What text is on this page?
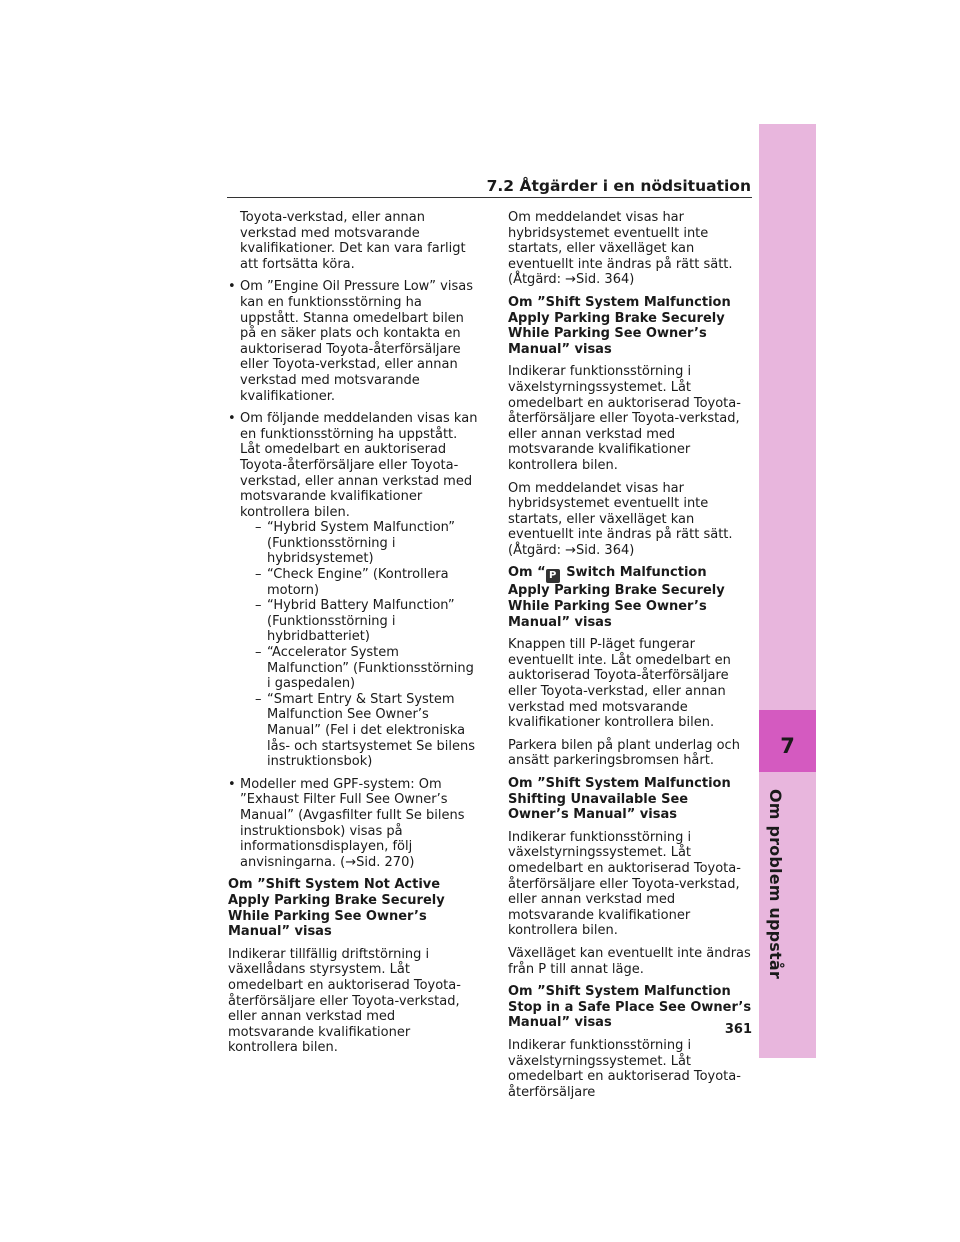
7
Om problem uppstår
7.2 Åtgärder i en nödsituation

Toyota-verkstad, eller annan verkstad med motsvarande kvalifikationer. Det kan vara farligt att fortsätta köra.

• Om ”Engine Oil Pressure Low” visas kan en funktionsstörning ha uppstått. Stanna omedelbart bilen på en säker plats och kontakta en auktoriserad Toyota-återförsäljare eller Toyota-verkstad, eller annan verkstad med motsvarande kvalifikationer.
• Om följande meddelanden visas kan en funktionsstörning ha uppstått. Låt omedelbart en auktoriserad Toyota-återförsäljare eller Toyota-verkstad, eller annan verkstad med motsvarande kvalifikationer kontrollera bilen.

– “Hybrid System Malfunction” (Funktionsstörning i hybridsystemet)

– “Check Engine” (Kontrollera motorn)

– “Hybrid Battery Malfunction” (Funktionsstörning i hybridbatteriet)

– “Accelerator System Malfunction” (Funktionsstörning i gaspedalen)

– “Smart Entry & Start System Malfunction See Owner’s Manual” (Fel i det elektroniska lås- och startsystemet Se bilens instruktionsbok)

• Modeller med GPF-system: Om ”Exhaust Filter Full See Owner’s Manual” (Avgasfilter fullt Se bilens instruktionsbok) visas på informationsdisplayen, följ anvisningarna. (→Sid. 270)

Om ”Shift System Not Active Apply Parking Brake Securely While Parking See Owner’s Manual” visas

Indikerar tillfällig driftstörning i växellådans styrsystem. Låt omedelbart en auktoriserad Toyota-återförsäljare eller Toyota-verkstad, eller annan verkstad med motsvarande kvalifikationer kontrollera bilen.

Om meddelandet visas har hybridsystemet eventuellt inte startats, eller växelläget kan eventuellt inte ändras på rätt sätt. (Åtgärd: →Sid. 364)

Om ”Shift System Malfunction Apply Parking Brake Securely While Parking See Owner’s Manual” visas

Indikerar funktionsstörning i växelstyrningssystemet. Låt omedelbart en auktoriserad Toyota-återförsäljare eller Toyota-verkstad, eller annan verkstad med motsvarande kvalifikationer kontrollera bilen.

Om meddelandet visas har hybridsystemet eventuellt inte startats, eller växelläget kan eventuellt inte ändras på rätt sätt. (Åtgärd: →Sid. 364)

Om “ P Switch Malfunction Apply Parking Brake Securely While Parking See Owner’s Manual” visas

Knappen till P-läget fungerar eventuellt inte. Låt omedelbart en auktoriserad Toyota-återförsäljare eller Toyota-verkstad, eller annan verkstad med motsvarande kvalifikationer kontrollera bilen.

Parkera bilen på plant underlag och ansätt parkeringsbromsen hårt.

Om ”Shift System Malfunction Shifting Unavailable See Owner’s Manual” visas

Indikerar funktionsstörning i växelstyrningssystemet. Låt omedelbart en auktoriserad Toyota-återförsäljare eller Toyota-verkstad, eller annan verkstad med motsvarande kvalifikationer kontrollera bilen.

Växelläget kan eventuellt inte ändras från P till annat läge.

Om ”Shift System Malfunction Stop in a Safe Place See Owner’s Manual” visas

Indikerar funktionsstörning i växelstyrningssystemet. Låt omedelbart en auktoriserad Toyota-återförsäljare

361
